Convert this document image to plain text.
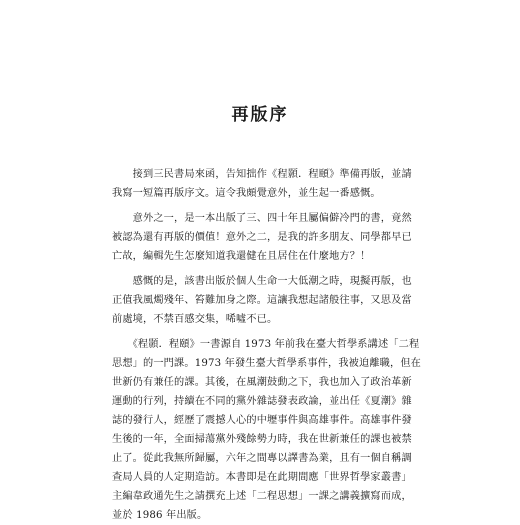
再版序
　　接到三民書局來函，告知拙作《程顥．程頤》準備再版，並請
我寫一短篇再版序文。這令我頗覺意外，並生起一番感慨。
　　意外之一，是一本出版了三、四十年且屬偏僻冷門的書，竟然
被認為還有再版的價值！意外之二，是我的許多朋友、同學都早已
亡故，編輯先生怎麼知道我還健在且居住在什麼地方？！
　　感慨的是，該書出版於個人生命一大低潮之時，現擬再版，也
正值我風燭殘年、笞難加身之際。這讓我想起諸般往事，又思及當
前處境，不禁百感交集，唏噓不已。
　　《程顥．程頤》一書源自 1973 年前我在臺大哲學系講述「二程
思想」的一門課。1973 年發生臺大哲學系事件，我被迫離職，但在
世新仍有兼任的課。其後，在風潮鼓動之下，我也加入了政治革新
運動的行列，持續在不同的黨外雜誌發表政論，並出任《夏潮》雜
誌的發行人，經歷了震撼人心的中壢事件與高雄事件。高雄事件發
生後的一年，全面掃蕩黨外殘餘勢力時，我在世新兼任的課也被禁
止了。從此我無所歸屬，六年之間專以譯書為業，且有一個自稱調
查局人員的人定期造訪。本書即是在此期間應「世界哲學家叢書」
主編韋政通先生之請撰充上述「二程思想」一課之講義擴寫而成，
並於 1986 年出版。
